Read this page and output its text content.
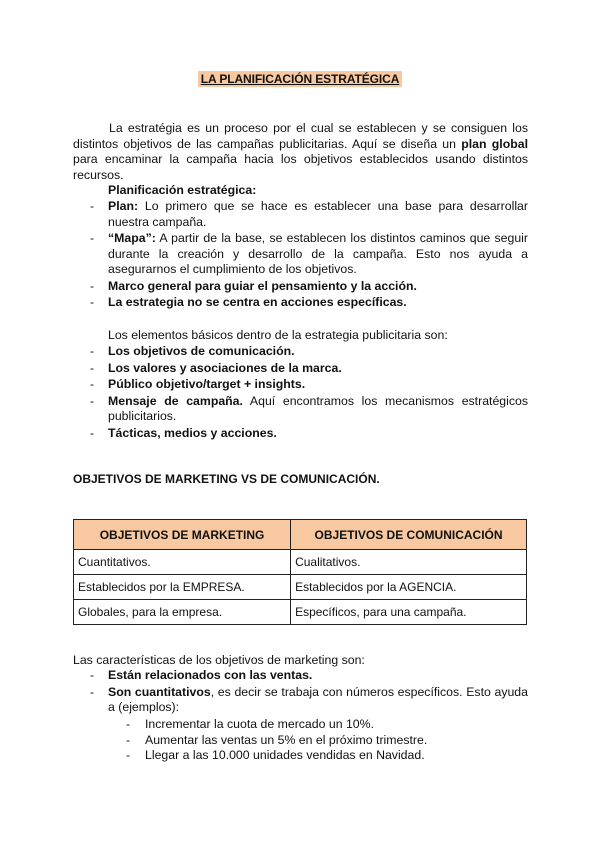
LA PLANIFICACIÓN ESTRATÉGICA
La estratégia es un proceso por el cual se establecen y se consiguen los distintos objetivos de las campañas publicitarias. Aquí se diseña un plan global para encaminar la campaña hacia los objetivos establecidos usando distintos recursos.
Planificación estratégica:
- Plan: Lo primero que se hace es establecer una base para desarrollar nuestra campaña.
- “Mapa”: A partir de la base, se establecen los distintos caminos que seguir durante la creación y desarrollo de la campaña. Esto nos ayuda a asegurarnos el cumplimiento de los objetivos.
- Marco general para guiar el pensamiento y la acción.
- La estrategia no se centra en acciones específicas.
Los elementos básicos dentro de la estrategia publicitaria son:
- Los objetivos de comunicación.
- Los valores y asociaciones de la marca.
- Público objetivo/target + insights.
- Mensaje de campaña. Aquí encontramos los mecanismos estratégicos publicitarios.
- Tácticas, medios y acciones.
OBJETIVOS DE MARKETING VS DE COMUNICACIÓN.
OBJETIVOS DE MARKETING	OBJETIVOS DE COMUNICACIÓN
Cuantitativos.	Cualitativos.
Establecidos por la EMPRESA.	Establecidos por la AGENCIA.
Globales, para la empresa.	Específicos, para una campaña.
Las características de los objetivos de marketing son:
- Están relacionados con las ventas.
- Son cuantitativos, es decir se trabaja con números específicos. Esto ayuda a (ejemplos):
- Incrementar la cuota de mercado un 10%.
- Aumentar las ventas un 5% en el próximo trimestre.
- Llegar a las 10.000 unidades vendidas en Navidad.
